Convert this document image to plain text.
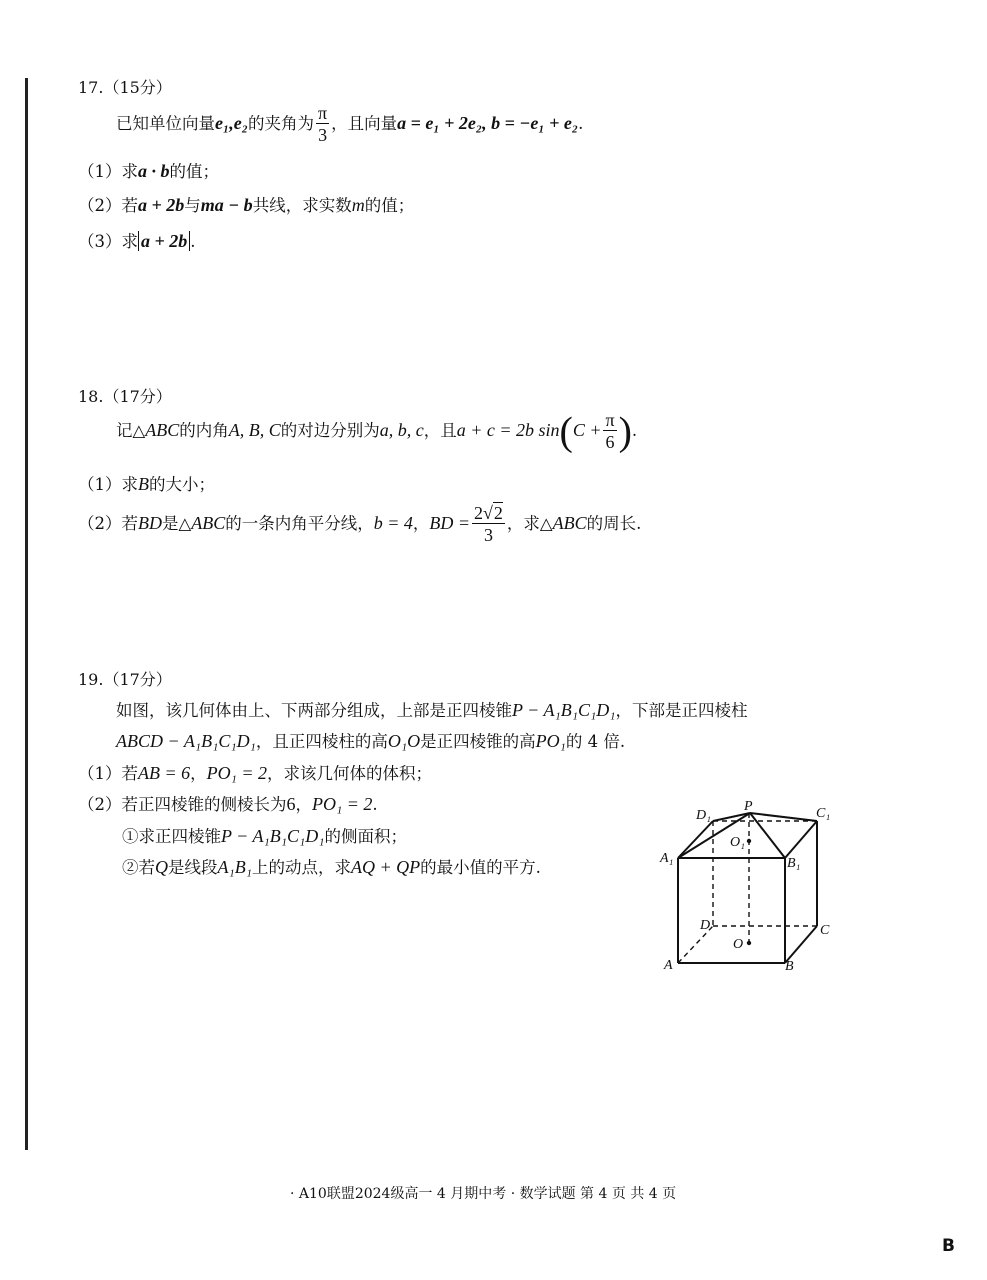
17.（15分）
已知单位向量e₁,e₂的夹角为 $\frac{\pi}{3}$ ，且向量a = e₁ + 2e₂, b = −e₁ + e₂.
（1）求a · b的值；
（2）若a + 2b与ma − b共线，求实数m的值；
（3）求 a + 2b .
18.（17分）
记△ABC的内角A, B, C的对边分别为a, b, c，且a + c = 2b $\sin(C + \frac{\pi}{6}$ ).
（1）求B的大小；
（2）若BD是△ABC的一条内角平分线，b = 4，BD = $\frac{2√2}{3}$ ，求△ABC的周长.
19.（17分）
如图，该几何体由上、下两部分组成，上部是正四棱锥P − A₁B₁C₁D₁，下部是正四棱柱
ABCD − A₁B₁C₁D₁，且正四棱柱的高O₁O是正四棱锥的高PO₁的 4 倍.
（1）若AB = 6，PO₁ = 2，求该几何体的体积；
（2）若正四棱锥的侧棱长为6，PO₁ = 2.
①求正四棱锥P − A₁B₁C₁D₁的侧面积；
②若Q是线段A₁B₁上的动点，求AQ + QP的最小值的平方.
P
D₁	C₁
A₁	B₁
O₁
O
D	C
A	B
· A10联盟2024级高一 4 月期中考 · 数学试题 第 4 页 共 4 页
B
